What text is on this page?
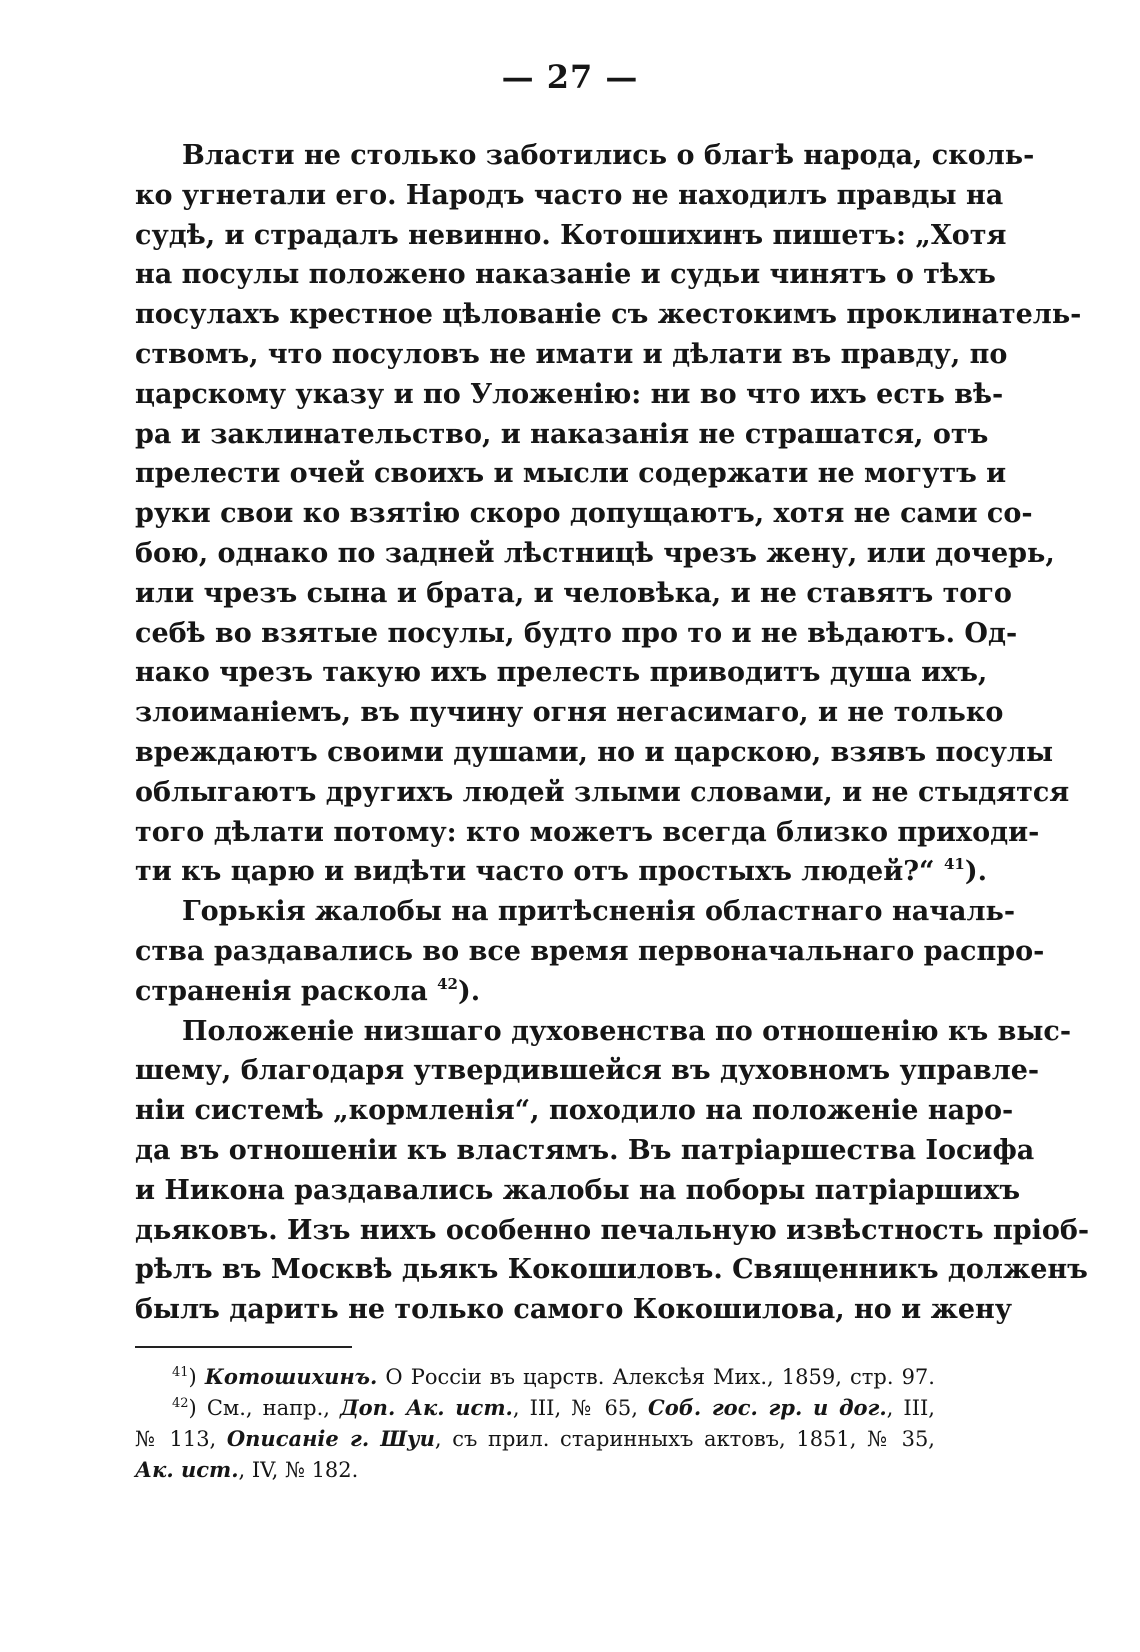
— 27 —
Власти не столько заботились о благѣ народа, сколь-
ко угнетали его. Народъ часто не находилъ правды на
судѣ, и страдалъ невинно. Котошихинъ пишетъ: „Хотя
на посулы положено наказаніе и судьи чинятъ о тѣхъ
посулахъ крестное цѣлованіе съ жестокимъ проклинатель-
ствомъ, что посуловъ не имати и дѣлати въ правду, по
царскому указу и по Уложенію: ни во что ихъ есть вѣ-
ра и заклинательство, и наказанія не страшатся, отъ
прелести очей своихъ и мысли содержати не могутъ и
руки свои ко взятію скоро допущаютъ, хотя не сами со-
бою, однако по задней лѣстницѣ чрезъ жену, или дочерь,
или чрезъ сына и брата, и человѣка, и не ставятъ того
себѣ во взятые посулы, будто про то и не вѣдаютъ. Од-
нако чрезъ такую ихъ прелесть приводитъ душа ихъ,
злоиманіемъ, въ пучину огня негасимаго, и не только
вреждаютъ своими душами, но и царскою, взявъ посулы
облыгаютъ другихъ людей злыми словами, и не стыдятся
того дѣлати потому: кто можетъ всегда близко приходи-
ти къ царю и видѣти часто отъ простыхъ людей?“ $^{41}$).
Горькія жалобы на притѣсненія областнаго началь-
ства раздавались во все время первоначальнаго распро-
страненія раскола $^{42}$).
Положеніе низшаго духовенства по отношенію къ выс-
шему, благодаря утвердившейся въ духовномъ управле-
ніи системѣ „кормленія“, походило на положеніе наро-
да въ отношеніи къ властямъ. Въ патріаршества Іосифа
и Никона раздавались жалобы на поборы патріаршихъ
дьяковъ. Изъ нихъ особенно печальную извѣстность пріоб-
рѣлъ въ Москвѣ дьякъ Кокошиловъ. Священникъ долженъ
былъ дарить не только самого Кокошилова, но и жену
$^{41}$) Котошихинъ. О Россіи въ царств. Алексѣя Мих., 1859, стр. 97.
$^{42}$) См., напр., Доп. Ак. ист., III, № 65, Соб. гос. гр. и дог., III,
№ 113, Описаніе г. Шуи, съ прил. старинныхъ актовъ, 1851, № 35,
Ак. ист., IV, № 182.
